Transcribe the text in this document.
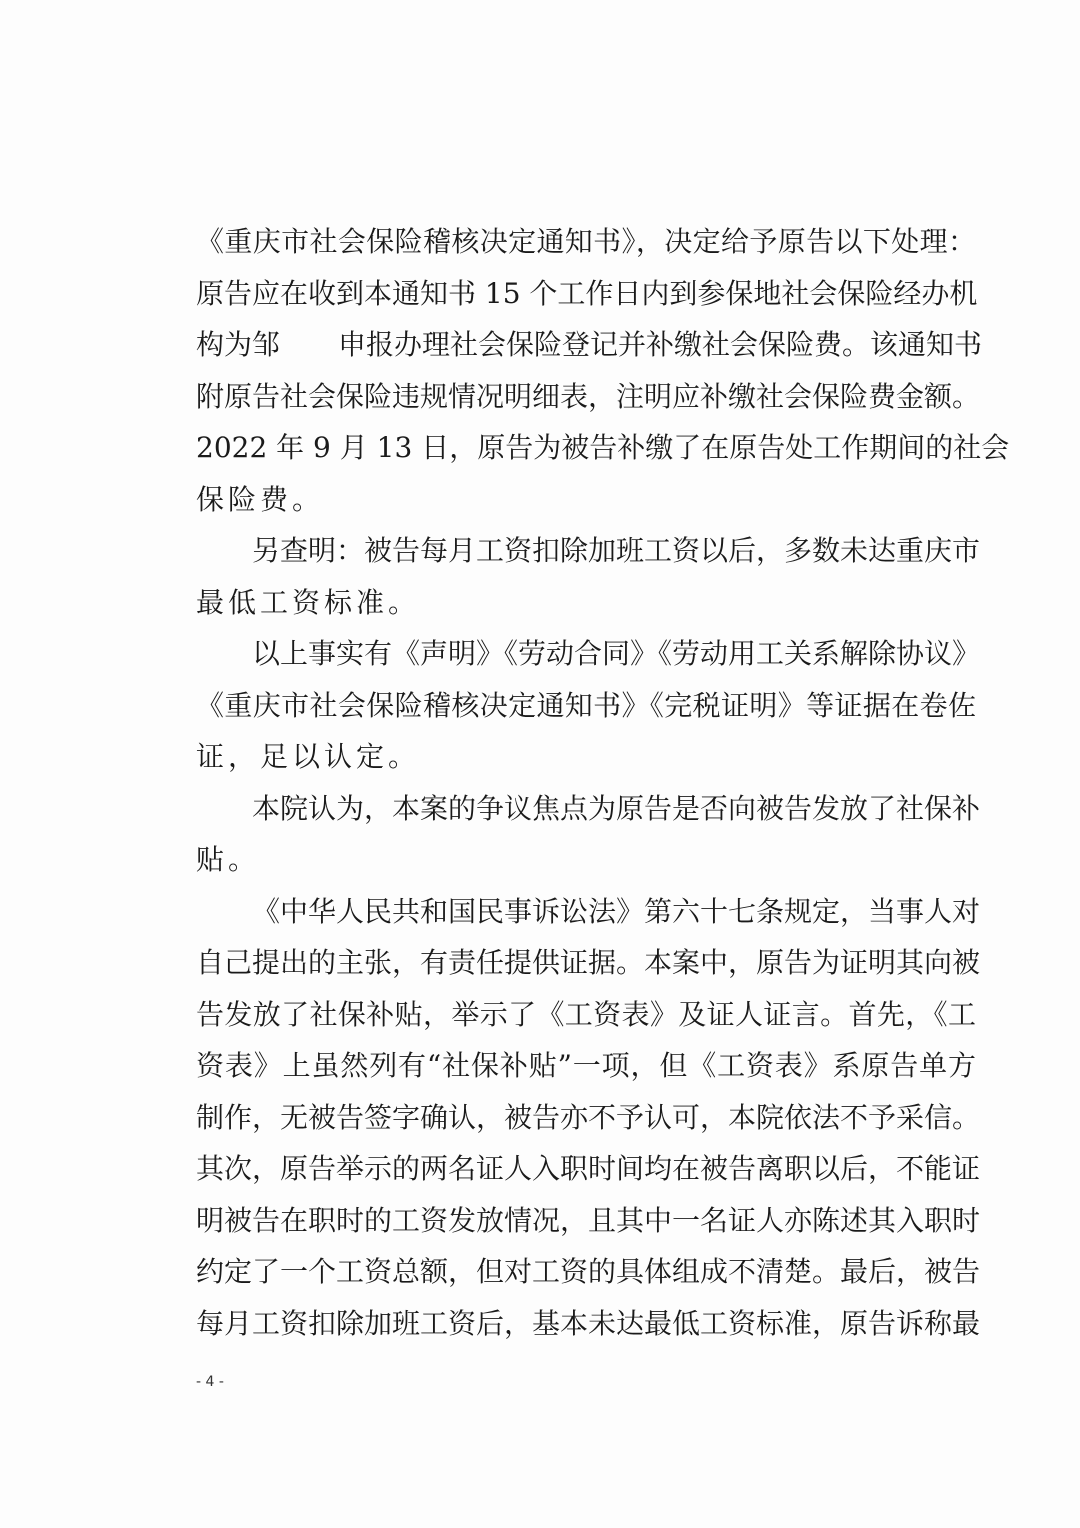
《重庆市社会保险稽核决定通知书》，决定给予原告以下处理：
原告应在收到本通知书 15 个工作日内到参保地社会保险经办机
构为邹 申报办理社会保险登记并补缴社会保险费。该通知书
附原告社会保险违规情况明细表，注明应补缴社会保险费金额。
2022 年 9 月 13 日，原告为被告补缴了在原告处工作期间的社会
保险费。
另查明：被告每月工资扣除加班工资以后，多数未达重庆市
最低工资标准。
以上事实有《声明》《劳动合同》《劳动用工关系解除协议》
《重庆市社会保险稽核决定通知书》《完税证明》等证据在卷佐
证，足以认定。
本院认为，本案的争议焦点为原告是否向被告发放了社保补
贴。
《中华人民共和国民事诉讼法》第六十七条规定，当事人对
自己提出的主张，有责任提供证据。本案中，原告为证明其向被
告发放了社保补贴，举示了《工资表》及证人证言。首先，《工
资表》上虽然列有“社保补贴”一项，但《工资表》系原告单方
制作，无被告签字确认，被告亦不予认可，本院依法不予采信。
其次，原告举示的两名证人入职时间均在被告离职以后，不能证
明被告在职时的工资发放情况，且其中一名证人亦陈述其入职时
约定了一个工资总额，但对工资的具体组成不清楚。最后，被告
每月工资扣除加班工资后，基本未达最低工资标准，原告诉称最
- 4 -
